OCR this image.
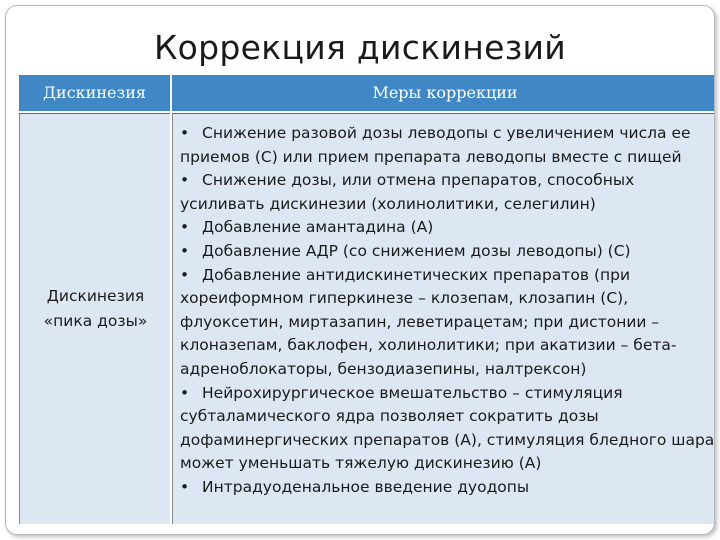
Коррекция дискинезий
Дискинезия	Меры коррекции
Дискинезия
«пика дозы»
• Снижение разовой дозы леводопы с увеличением числа ее приемов (С) или прием препарата леводопы вместе с пищей
• Снижение дозы, или отмена препаратов, способных усиливать дискинезии (холинолитики, селегилин)
• Добавление амантадина (А)
• Добавление АДР (со снижением дозы леводопы) (С)
• Добавление антидискинетических препаратов (при хореиформном гиперкинезе – клозепам, клозапин (С), флуоксетин, миртазапин, леветирацетам; при дистонии – клоназепам, баклофен, холинолитики; при акатизии – бета-адреноблокаторы, бензодиазепины, налтрексон)
• Нейрохирургическое вмешательство – стимуляция субталамического ядра позволяет сократить дозы дофаминергических препаратов (А), стимуляция бледного шара может уменьшать тяжелую дискинезию (А)
• Интрадуоденальное введение дуодопы
